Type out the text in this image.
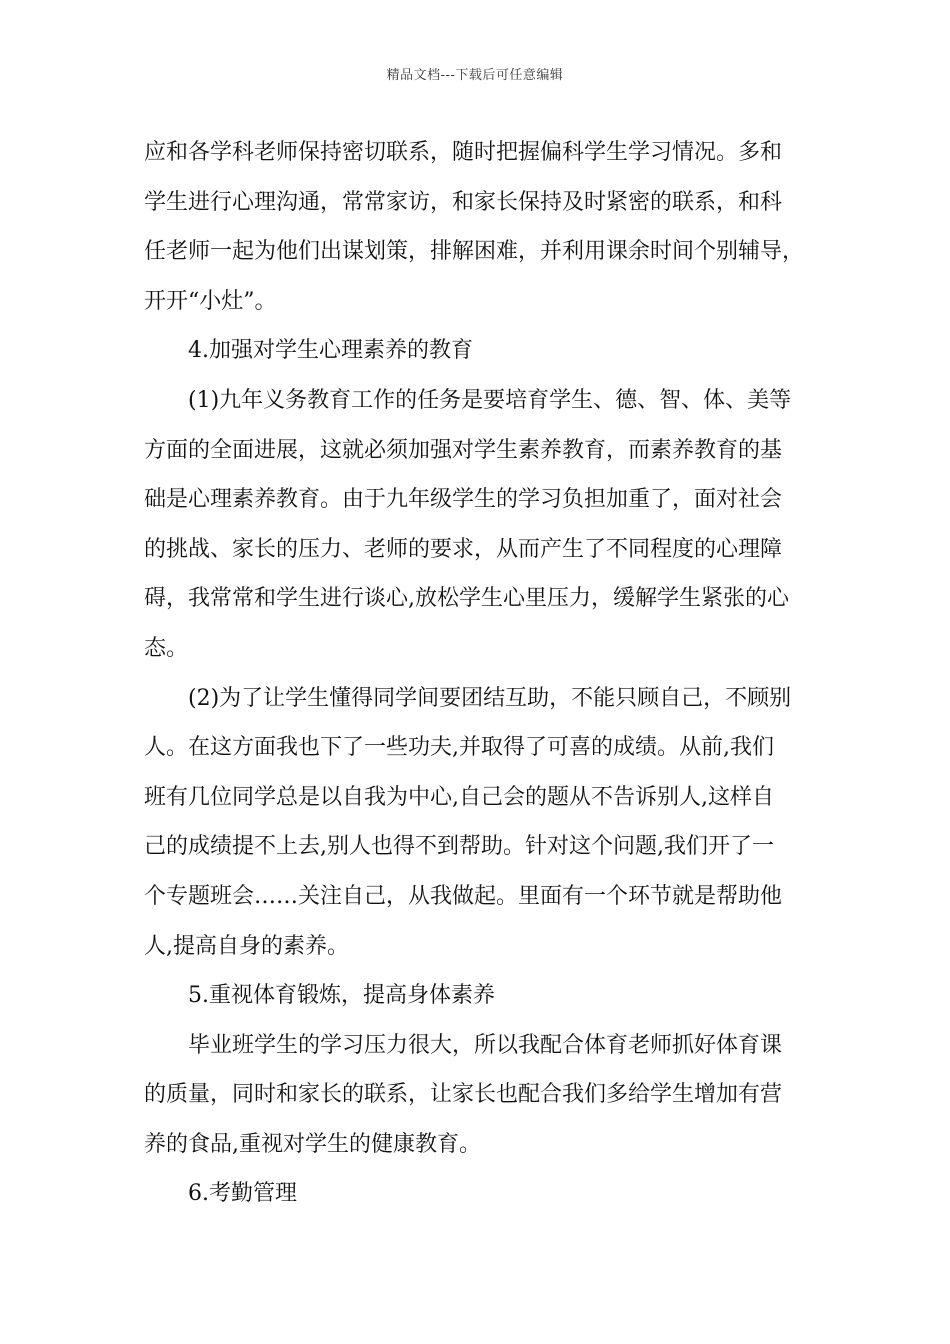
精品文档---下载后可任意编辑
应和各学科老师保持密切联系，随时把握偏科学生学习情况。多和
学生进行心理沟通，常常家访，和家长保持及时紧密的联系，和科
任老师一起为他们出谋划策，排解困难，并利用课余时间个别辅导，
开开“小灶”。
4.加强对学生心理素养的教育
(1)九年义务教育工作的任务是要培育学生、德、智、体、美等
方面的全面进展，这就必须加强对学生素养教育，而素养教育的基
础是心理素养教育。由于九年级学生的学习负担加重了，面对社会
的挑战、家长的压力、老师的要求，从而产生了不同程度的心理障
碍，我常常和学生进行谈心,放松学生心里压力，缓解学生紧张的心
态。
(2)为了让学生懂得同学间要团结互助，不能只顾自己，不顾别
人。在这方面我也下了一些功夫,并取得了可喜的成绩。从前,我们
班有几位同学总是以自我为中心,自己会的题从不告诉别人,这样自
己的成绩提不上去,别人也得不到帮助。针对这个问题,我们开了一
个专题班会……关注自己，从我做起。里面有一个环节就是帮助他
人,提高自身的素养。
5.重视体育锻炼，提高身体素养
毕业班学生的学习压力很大，所以我配合体育老师抓好体育课
的质量，同时和家长的联系，让家长也配合我们多给学生增加有营
养的食品,重视对学生的健康教育。
6.考勤管理
